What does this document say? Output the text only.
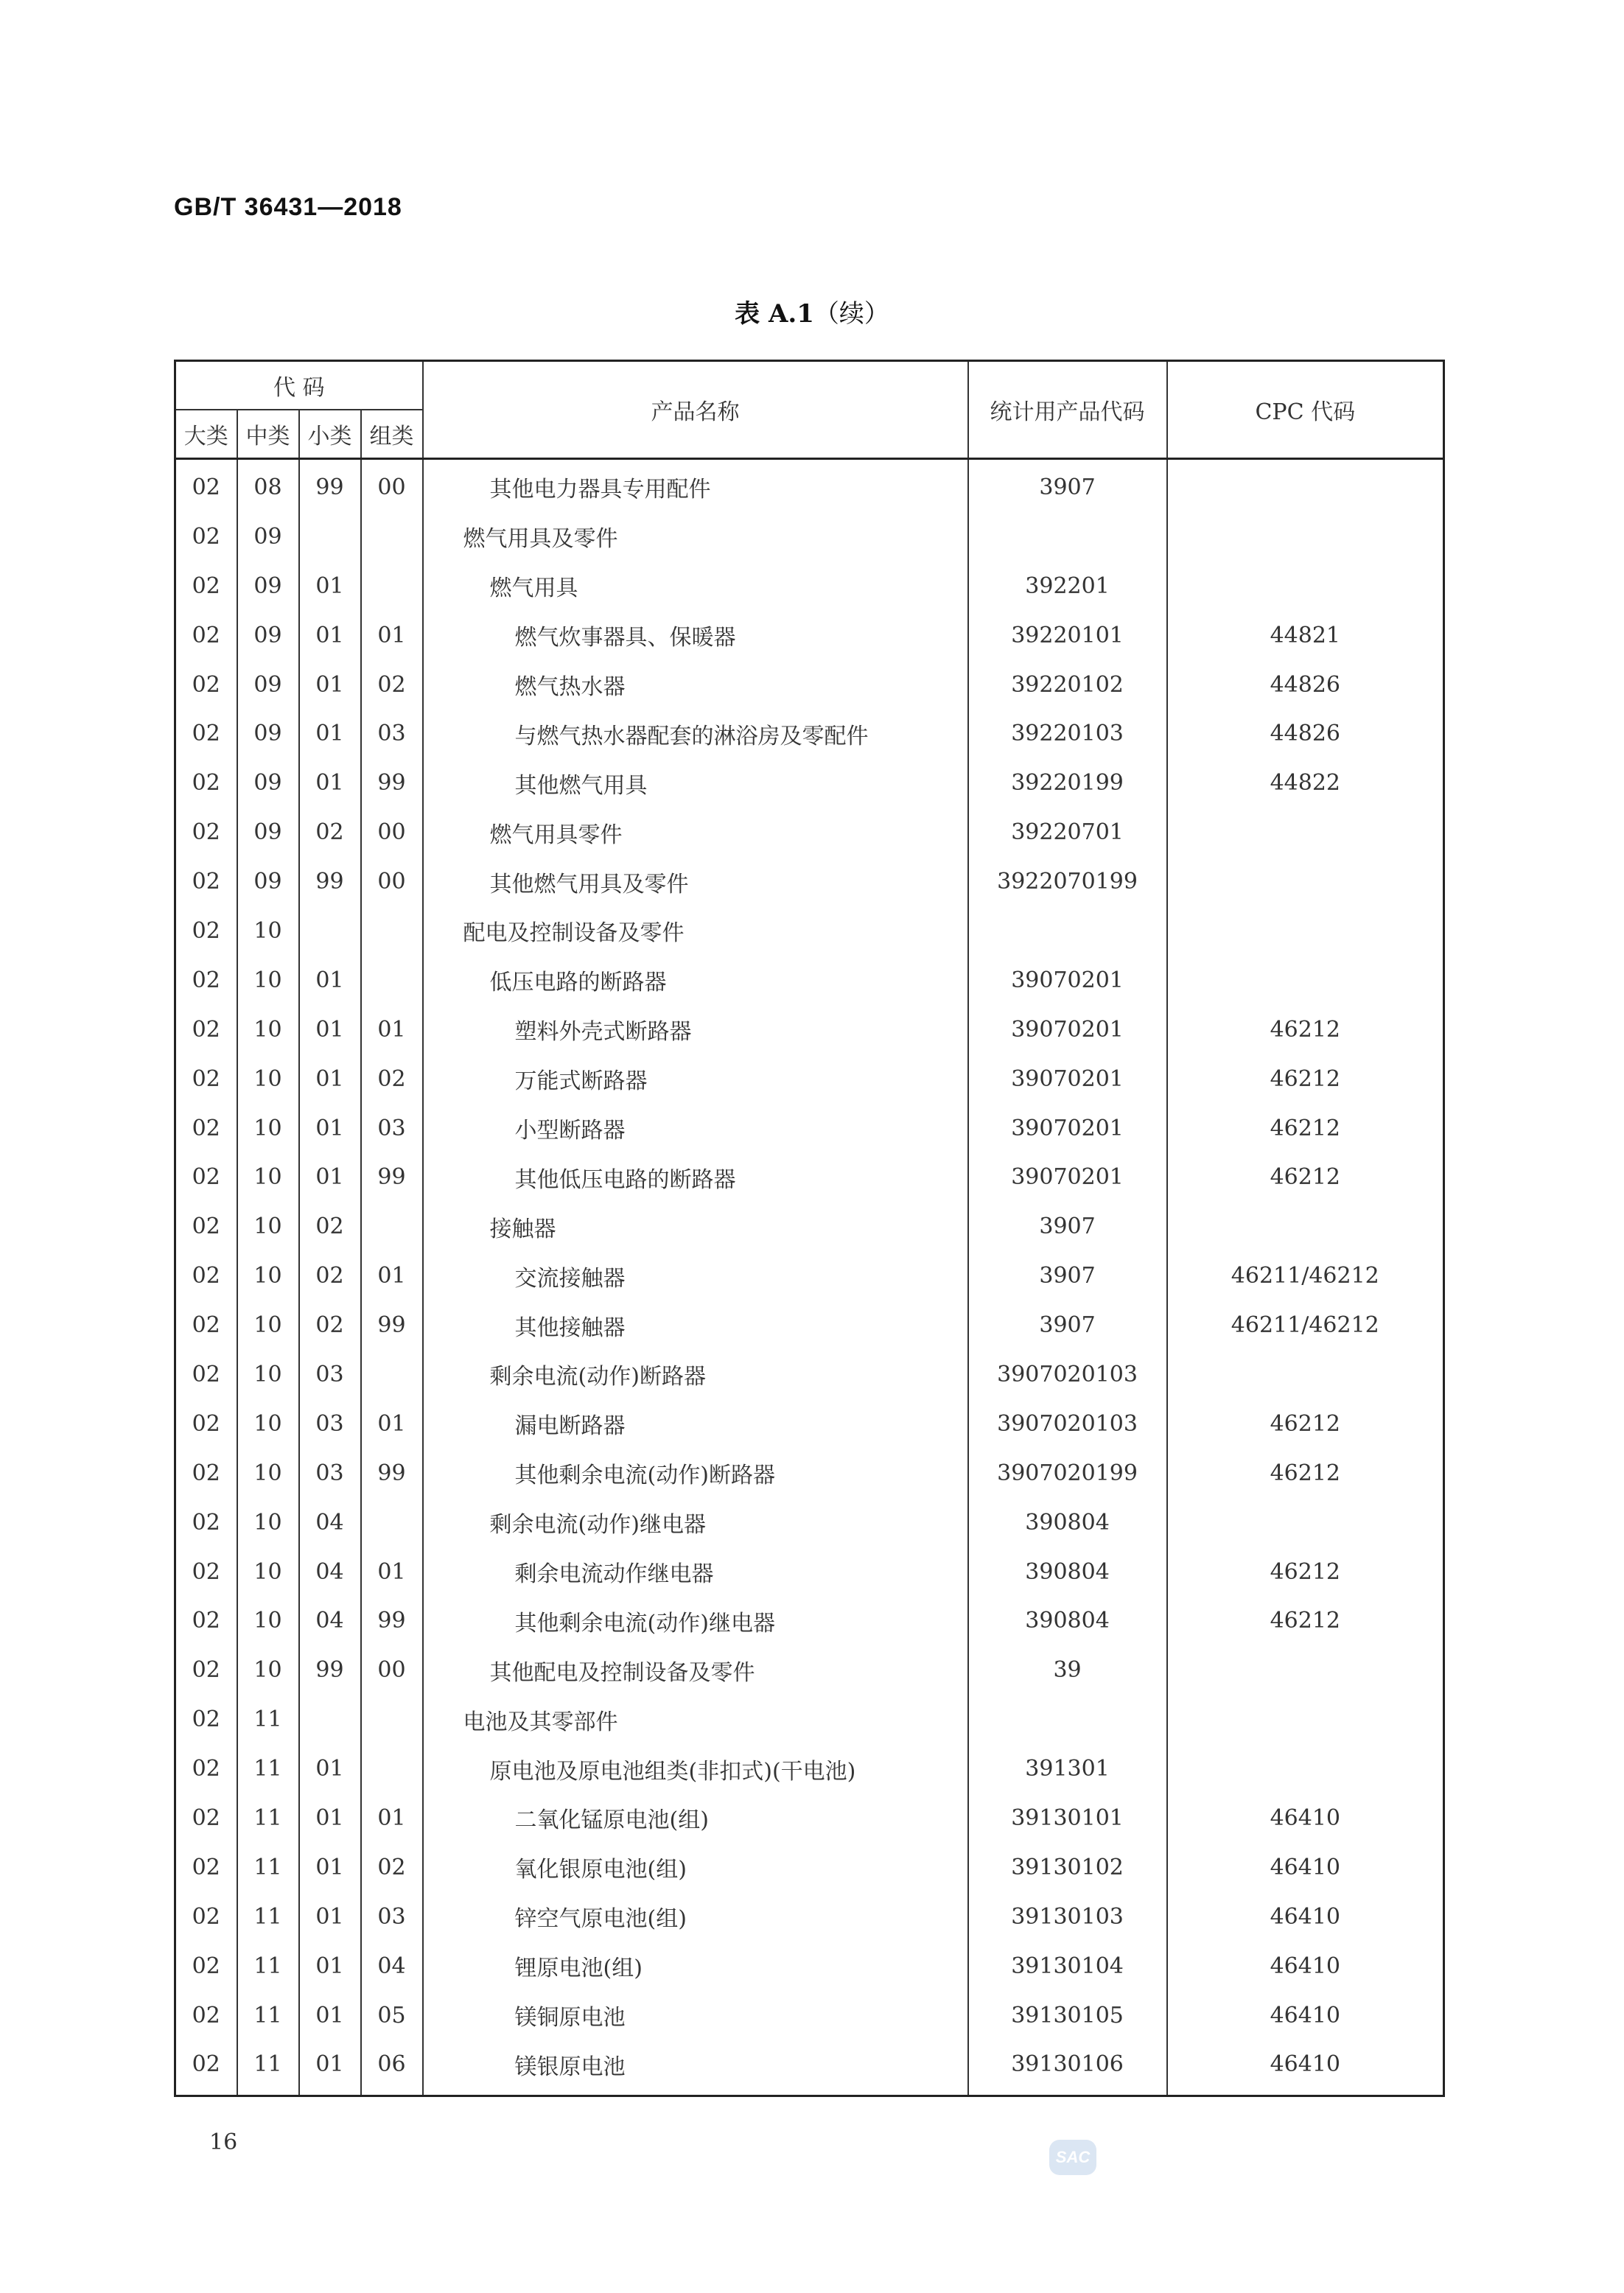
GB/T 36431—2018
表 A.1（续）
代 码				产品名称	统计用产品代码	CPC 代码
大类	中类	小类	组类			
02	08	99	00	其他电力器具专用配件	3907	
02	09			燃气用具及零件		
02	09	01		燃气用具	392201	
02	09	01	01	燃气炊事器具、保暖器	39220101	44821
02	09	01	02	燃气热水器	39220102	44826
02	09	01	03	与燃气热水器配套的淋浴房及零配件	39220103	44826
02	09	01	99	其他燃气用具	39220199	44822
02	09	02	00	燃气用具零件	39220701	
02	09	99	00	其他燃气用具及零件	3922070199	
02	10			配电及控制设备及零件		
02	10	01		低压电路的断路器	39070201	
02	10	01	01	塑料外壳式断路器	39070201	46212
02	10	01	02	万能式断路器	39070201	46212
02	10	01	03	小型断路器	39070201	46212
02	10	01	99	其他低压电路的断路器	39070201	46212
02	10	02		接触器	3907	
02	10	02	01	交流接触器	3907	46211/46212
02	10	02	99	其他接触器	3907	46211/46212
02	10	03		剩余电流(动作)断路器	3907020103	
02	10	03	01	漏电断路器	3907020103	46212
02	10	03	99	其他剩余电流(动作)断路器	3907020199	46212
02	10	04		剩余电流(动作)继电器	390804	
02	10	04	01	剩余电流动作继电器	390804	46212
02	10	04	99	其他剩余电流(动作)继电器	390804	46212
02	10	99	00	其他配电及控制设备及零件	39	
02	11			电池及其零部件		
02	11	01		原电池及原电池组类(非扣式)(干电池)	391301	
02	11	01	01	二氧化锰原电池(组)	39130101	46410
02	11	01	02	氧化银原电池(组)	39130102	46410
02	11	01	03	锌空气原电池(组)	39130103	46410
02	11	01	04	锂原电池(组)	39130104	46410
02	11	01	05	镁铜原电池	39130105	46410
02	11	01	06	镁银原电池	39130106	46410
16
SAC
